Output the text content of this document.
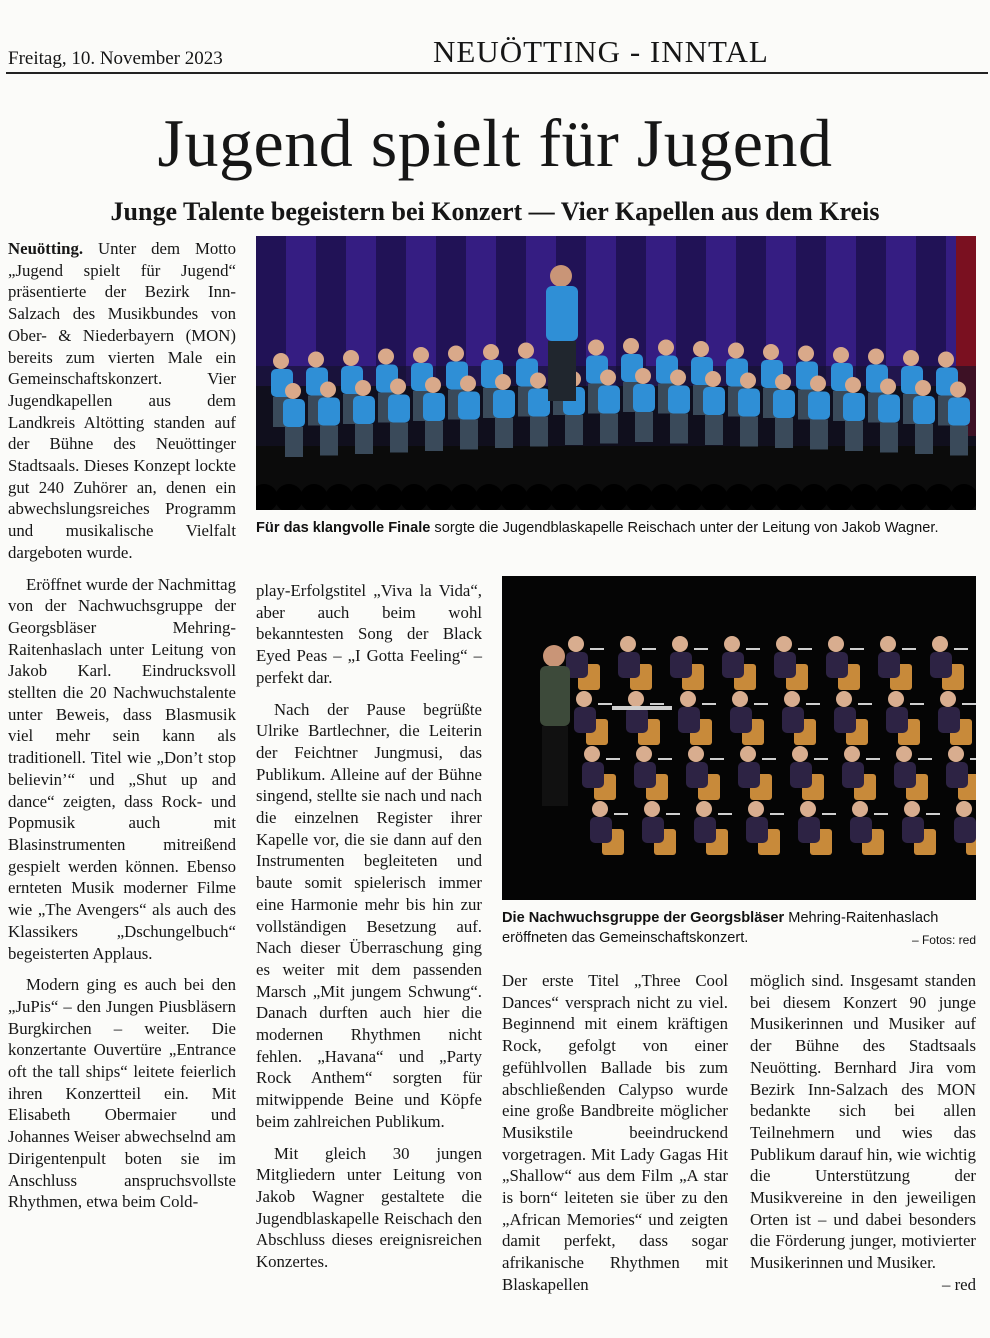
Freitag, 10. November 2023	NEUÖTTING - INNTAL
Jugend spielt für Jugend
Junge Talente begeistern bei Konzert — Vier Kapellen aus dem Kreis

Neuötting. Unter dem Motto „Jugend spielt für Jugend“ präsentierte der Bezirk Inn-Salzach des Musikbundes von Ober- & Niederbayern (MON) bereits zum vierten Male ein Gemeinschaftskonzert. Vier Jugendkapellen aus dem Landkreis Altötting standen auf der Bühne des Neuöttinger Stadtsaals. Dieses Konzept lockte gut 240 Zuhörer an, denen ein abwechslungsreiches Programm und musikalische Vielfalt dargeboten wurde.

Eröffnet wurde der Nachmittag von der Nachwuchsgruppe der Georgsbläser Mehring-Raitenhaslach unter Leitung von Jakob Karl. Eindrucksvoll stellten die 20 Nachwuchstalente unter Beweis, dass Blasmusik viel mehr sein kann als traditionell. Titel wie „Don’t stop believin’“ und „Shut up and dance“ zeigten, dass Rock- und Popmusik auch mit Blasinstrumenten mitreißend gespielt werden können. Ebenso ernteten Musik moderner Filme wie „The Avengers“ als auch des Klassikers „Dschungelbuch“ begeisterten Applaus.

Modern ging es auch bei den „JuPis“ – den Jungen Piusbläsern Burgkirchen – weiter. Die konzertante Ouvertüre „Entrance oft the tall ships“ leitete feierlich ihren Konzertteil ein. Mit Elisabeth Obermaier und Johannes Weiser abwechselnd am Dirigentenpult boten sie im Anschluss anspruchsvollste Rhythmen, etwa beim Cold-

Für das klangvolle Finale sorgte die Jugendblaskapelle Reischach unter der Leitung von Jakob Wagner.
Die Nachwuchsgruppe der Georgsbläser Mehring-Raitenhaslach eröffneten das Gemeinschaftskonzert.	– Fotos: red

play-Erfolgstitel „Viva la Vida“, aber auch beim wohl bekanntesten Song der Black Eyed Peas – „I Gotta Feeling“ – perfekt dar.

Nach der Pause begrüßte Ulrike Bartlechner, die Leiterin der Feichtner Jungmusi, das Publikum. Alleine auf der Bühne singend, stellte sie nach und nach die einzelnen Register ihrer Kapelle vor, die sie dann auf den Instrumenten begleiteten und baute somit spielerisch immer eine Harmonie mehr bis hin zur vollständigen Besetzung auf. Nach dieser Überraschung ging es weiter mit dem passenden Marsch „Mit jungem Schwung“. Danach durften auch hier die modernen Rhythmen nicht fehlen. „Havana“ und „Party Rock Anthem“ sorgten für mitwippende Beine und Köpfe beim zahlreichen Publikum.

Mit gleich 30 jungen Mitgliedern unter Leitung von Jakob Wagner gestaltete die Jugendblaskapelle Reischach den Abschluss dieses ereignisreichen Konzertes.

Der erste Titel „Three Cool Dances“ versprach nicht zu viel. Beginnend mit einem kräftigen Rock, gefolgt von einer gefühlvollen Ballade bis zum abschließenden Calypso wurde eine große Bandbreite möglicher Musikstile beeindruckend vorgetragen. Mit Lady Gagas Hit „Shallow“ aus dem Film „A star is born“ leiteten sie über zu den „African Memories“ und zeigten damit perfekt, dass sogar afrikanische Rhythmen mit Blaskapellen

möglich sind. Insgesamt standen bei diesem Konzert 90 junge Musikerinnen und Musiker auf der Bühne des Stadtsaals Neuötting. Bernhard Jira vom Bezirk Inn-Salzach des MON bedankte sich bei allen Teilnehmern und wies das Publikum darauf hin, wie wichtig die Unterstützung der Musikvereine in den jeweiligen Orten ist – und dabei besonders die Förderung junger, motivierter Musikerinnen und Musiker.

– red
